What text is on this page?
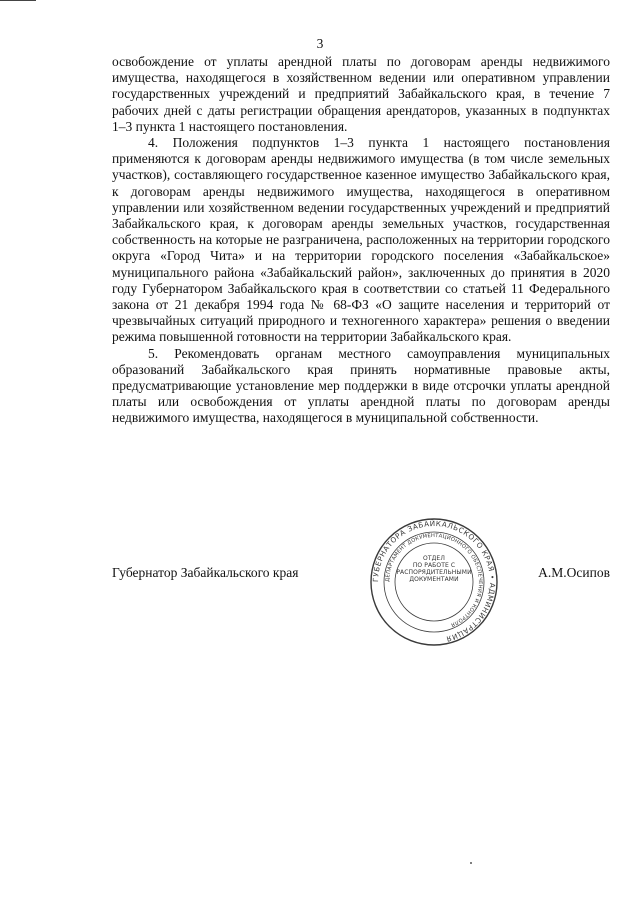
3

освобождение от уплаты арендной платы по договорам аренды недвижимого имущества, находящегося в хозяйственном ведении или оперативном управлении государственных учреждений и предприятий Забайкальского края, в течение 7 рабочих дней с даты регистрации обращения арендаторов, указанных в подпунктах 1–3 пункта 1 настоящего постановления.

4. Положения подпунктов 1–3 пункта 1 настоящего постановления применяются к договорам аренды недвижимого имущества (в том числе земельных участков), составляющего государственное казенное имущество Забайкальского края, к договорам аренды недвижимого имущества, находящегося в оперативном управлении или хозяйственном ведении государственных учреждений и предприятий Забайкальского края, к договорам аренды земельных участков, государственная собственность на которые не разграничена, расположенных на территории городского округа «Город Чита» и на территории городского поселения «Забайкальское» муниципального района «Забайкальский район», заключенных до принятия в 2020 году Губернатором Забайкальского края в соответствии со статьей 11 Федерального закона от 21 декабря 1994 года № 68-ФЗ «О защите населения и территорий от чрезвычайных ситуаций природного и техногенного характера» решения о введении режима повышенной готовности на территории Забайкальского края.

5. Рекомендовать органам местного самоуправления муниципальных образований Забайкальского края принять нормативные правовые акты, предусматривающие установление мер поддержки в виде отсрочки уплаты арендной платы или освобождения от уплаты арендной платы по договорам аренды недвижимого имущества, находящегося в муниципальной собственности.

Губернатор Забайкальского края	А.М.Осипов
ГУБЕРНАТОРА ЗАБАЙКАЛЬСКОГО КРАЯ • АДМИНИСТРАЦИЯ
ДЕПАРТАМЕНТ ДОКУМЕНТАЦИОННОГО ОБЕСПЕЧЕНИЯ И КОНТРОЛЯ
ОТДЕЛ
ПО РАБОТЕ С
РАСПОРЯДИТЕЛЬНЫМИ
ДОКУМЕНТАМИ
